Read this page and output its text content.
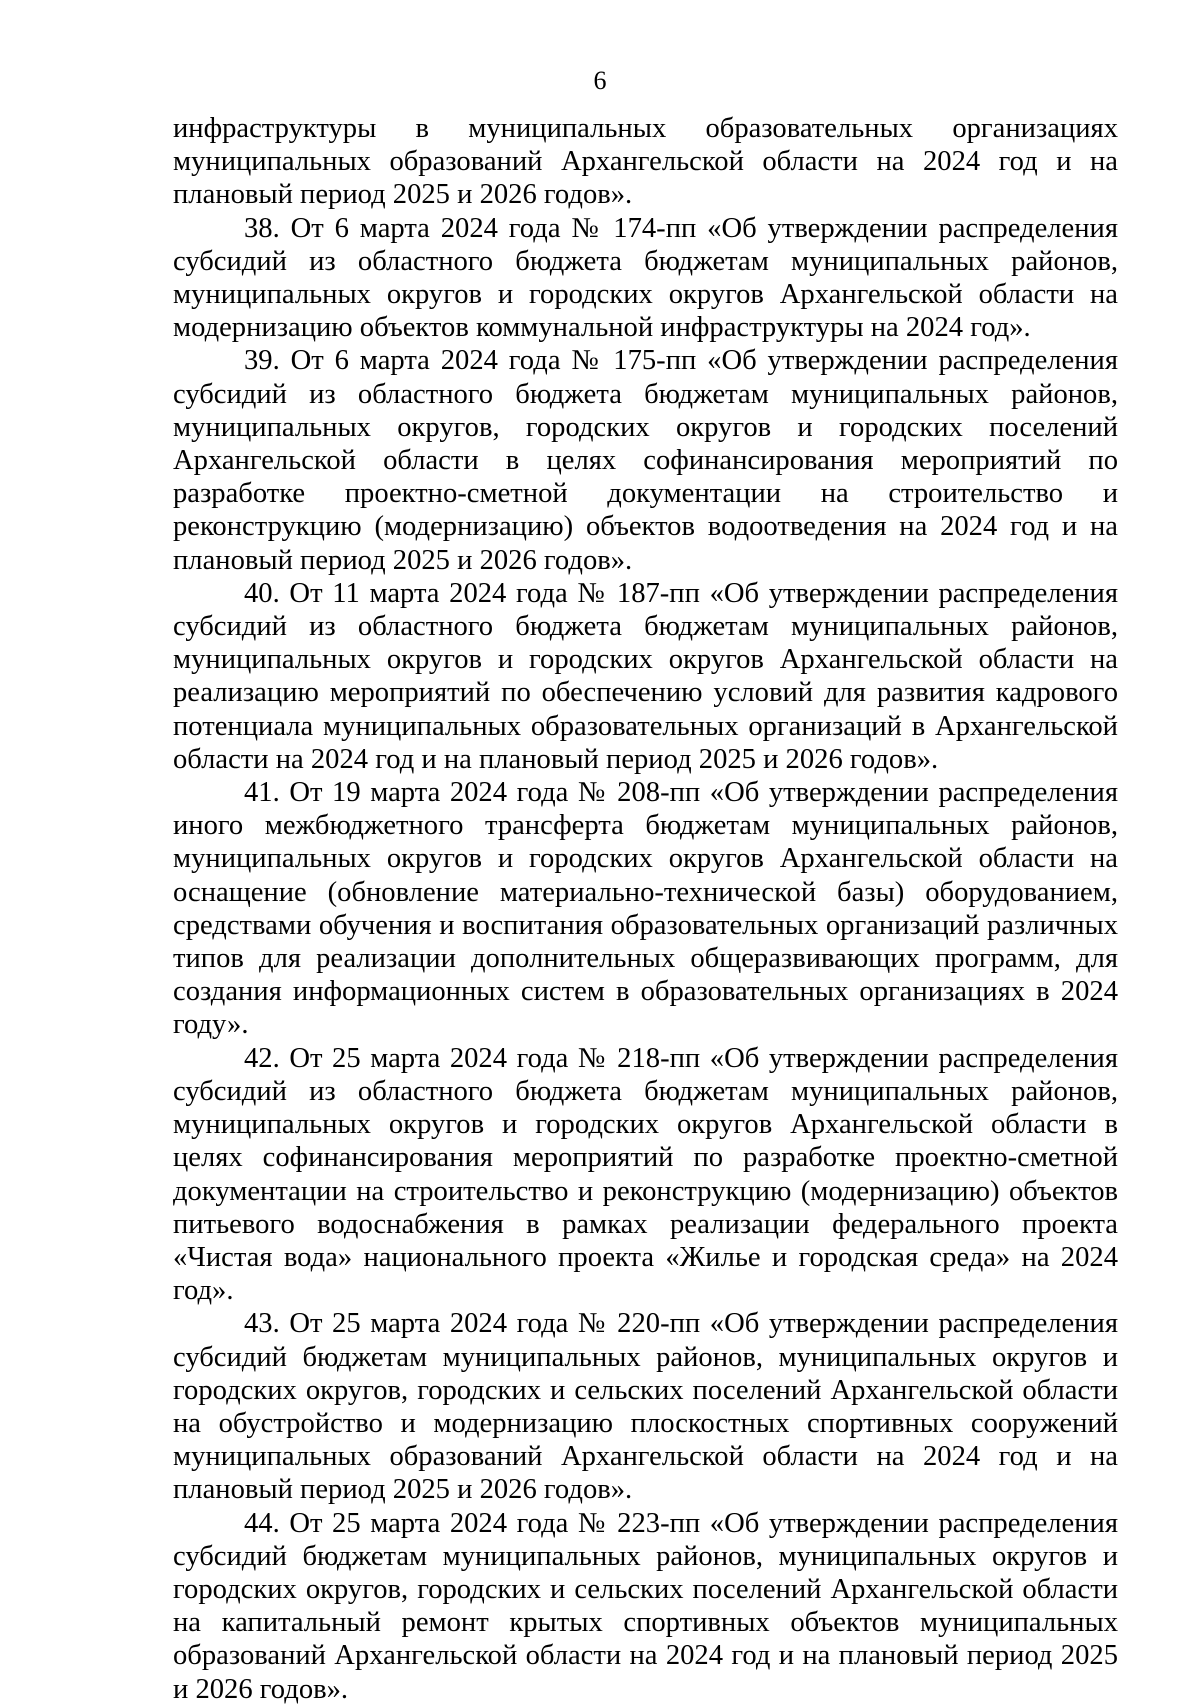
6

инфраструктуры в муниципальных образовательных организациях муниципальных образований Архангельской области на 2024 год и на плановый период 2025 и 2026 годов».

38. От 6 марта 2024 года № 174-пп «Об утверждении распределения субсидий из областного бюджета бюджетам муниципальных районов, муниципальных округов и городских округов Архангельской области на модернизацию объектов коммунальной инфраструктуры на 2024 год».

39. От 6 марта 2024 года № 175-пп «Об утверждении распределения субсидий из областного бюджета бюджетам муниципальных районов, муниципальных округов, городских округов и городских поселений Архангельской области в целях софинансирования мероприятий по разработке проектно-сметной документации на строительство и реконструкцию (модернизацию) объектов водоотведения на 2024 год и на плановый период 2025 и 2026 годов».

40. От 11 марта 2024 года № 187-пп «Об утверждении распределения субсидий из областного бюджета бюджетам муниципальных районов, муниципальных округов и городских округов Архангельской области на реализацию мероприятий по обеспечению условий для развития кадрового потенциала муниципальных образовательных организаций в Архангельской области на 2024 год и на плановый период 2025 и 2026 годов».

41. От 19 марта 2024 года № 208-пп «Об утверждении распределения иного межбюджетного трансферта бюджетам муниципальных районов, муниципальных округов и городских округов Архангельской области на оснащение (обновление материально-технической базы) оборудованием, средствами обучения и воспитания образовательных организаций различных типов для реализации дополнительных общеразвивающих программ, для создания информационных систем в образовательных организациях в 2024 году».

42. От 25 марта 2024 года № 218-пп «Об утверждении распределения субсидий из областного бюджета бюджетам муниципальных районов, муниципальных округов и городских округов Архангельской области в целях софинансирования мероприятий по разработке проектно-сметной документации на строительство и реконструкцию (модернизацию) объектов питьевого водоснабжения в рамках реализации федерального проекта «Чистая вода» национального проекта «Жилье и городская среда» на 2024 год».

43. От 25 марта 2024 года № 220-пп «Об утверждении распределения субсидий бюджетам муниципальных районов, муниципальных округов и городских округов, городских и сельских поселений Архангельской области на обустройство и модернизацию плоскостных спортивных сооружений муниципальных образований Архангельской области на 2024 год и на плановый период 2025 и 2026 годов».

44. От 25 марта 2024 года № 223-пп «Об утверждении распределения субсидий бюджетам муниципальных районов, муниципальных округов и городских округов, городских и сельских поселений Архангельской области на капитальный ремонт крытых спортивных объектов муниципальных образований Архангельской области на 2024 год и на плановый период 2025 и 2026 годов».
